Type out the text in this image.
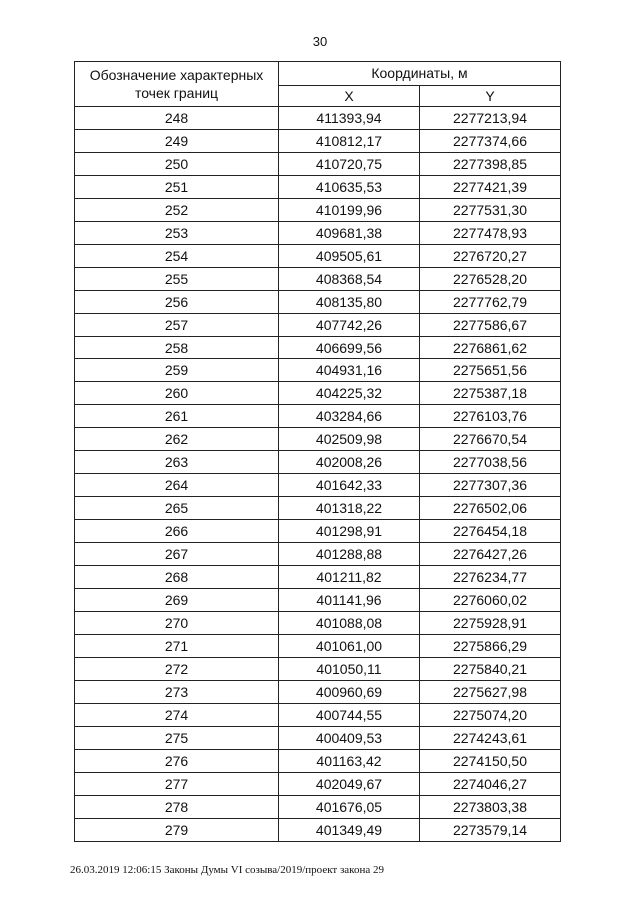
30
Обозначение характерных точек границ	Координаты, м	
	X	Y
248	411393,94	2277213,94
249	410812,17	2277374,66
250	410720,75	2277398,85
251	410635,53	2277421,39
252	410199,96	2277531,30
253	409681,38	2277478,93
254	409505,61	2276720,27
255	408368,54	2276528,20
256	408135,80	2277762,79
257	407742,26	2277586,67
258	406699,56	2276861,62
259	404931,16	2275651,56
260	404225,32	2275387,18
261	403284,66	2276103,76
262	402509,98	2276670,54
263	402008,26	2277038,56
264	401642,33	2277307,36
265	401318,22	2276502,06
266	401298,91	2276454,18
267	401288,88	2276427,26
268	401211,82	2276234,77
269	401141,96	2276060,02
270	401088,08	2275928,91
271	401061,00	2275866,29
272	401050,11	2275840,21
273	400960,69	2275627,98
274	400744,55	2275074,20
275	400409,53	2274243,61
276	401163,42	2274150,50
277	402049,67	2274046,27
278	401676,05	2273803,38
279	401349,49	2273579,14
26.03.2019 12:06:15 Законы Думы VI созыва/2019/проект закона 29
